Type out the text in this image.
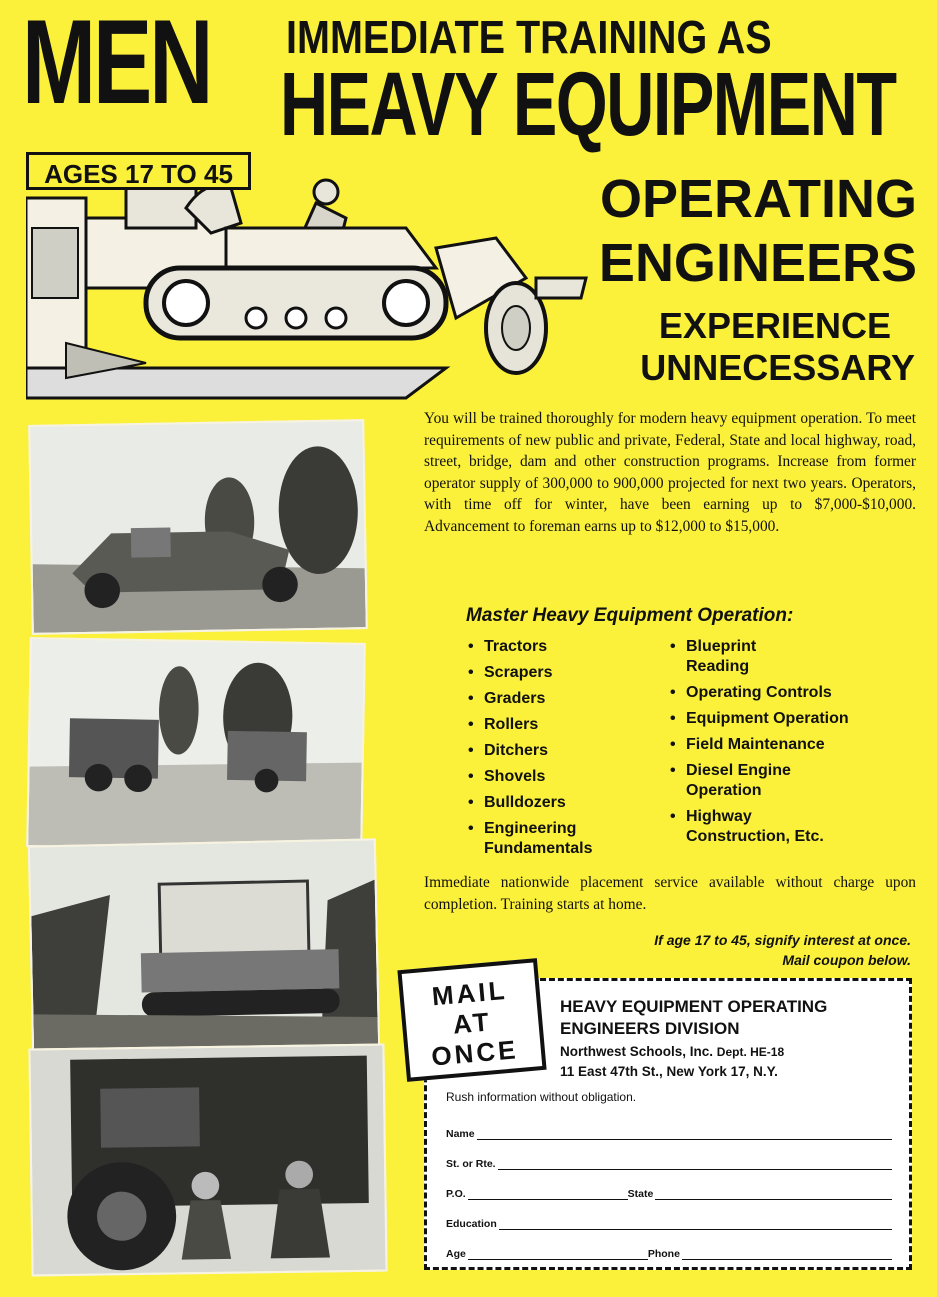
MEN IMMEDIATE TRAINING AS
HEAVY EQUIPMENT
AGES 17 TO 45	OPERATING
ENGINEERS
EXPERIENCE
UNNECESSARY
You will be trained thoroughly for modern heavy equipment operation. To meet requirements of new public and private, Federal, State and local highway, road, street, bridge, dam and other construction programs. Increase from former operator supply of 300,000 to 900,000 projected for next two years. Operators, with time off for winter, have been earning up to $7,000-$10,000. Advancement to foreman earns up to $12,000 to $15,000.
Master Heavy Equipment Operation:
• Tractors
• Scrapers
• Graders
• Rollers
• Ditchers
• Shovels
• Bulldozers
• Engineering Fundamentals
• Blueprint Reading
• Operating Controls
• Equipment Operation
• Field Maintenance
• Diesel Engine Operation
• Highway Construction, Etc.
Immediate nationwide placement service available without charge upon completion. Training starts at home.
If age 17 to 45, signify interest at once.
Mail coupon below.
MAIL
AT
ONCE
HEAVY EQUIPMENT OPERATING
ENGINEERS DIVISION
Northwest Schools, Inc. Dept. HE-18
11 East 47th St., New York 17, N.Y.
Rush information without obligation.
Name
St. or Rte.
P.O.	State
Education
Age	Phone
